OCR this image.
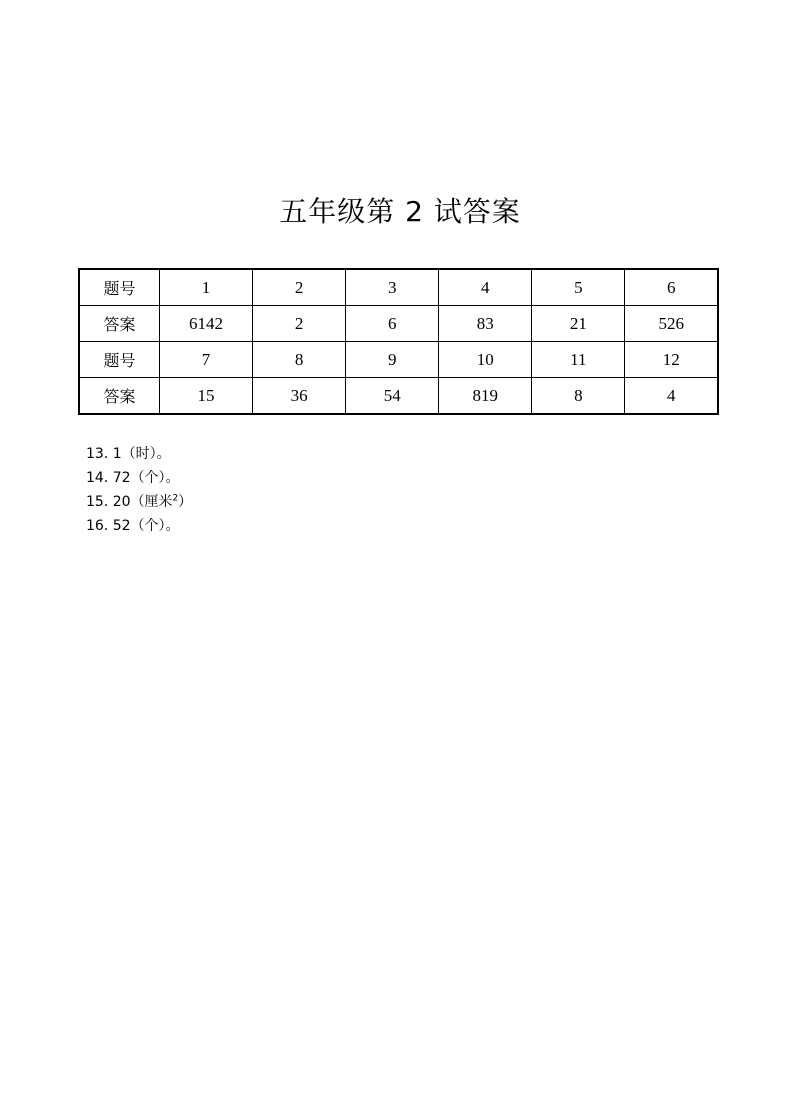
五年级第 2 试答案
题号	1	2	3	4	5	6
答案	6142	2	6	83	21	526
题号	7	8	9	10	11	12
答案	15	36	54	819	8	4
13. 1（时）。
14. 72（个）。
15. 20（厘米$^2$）
16. 52（个）。
